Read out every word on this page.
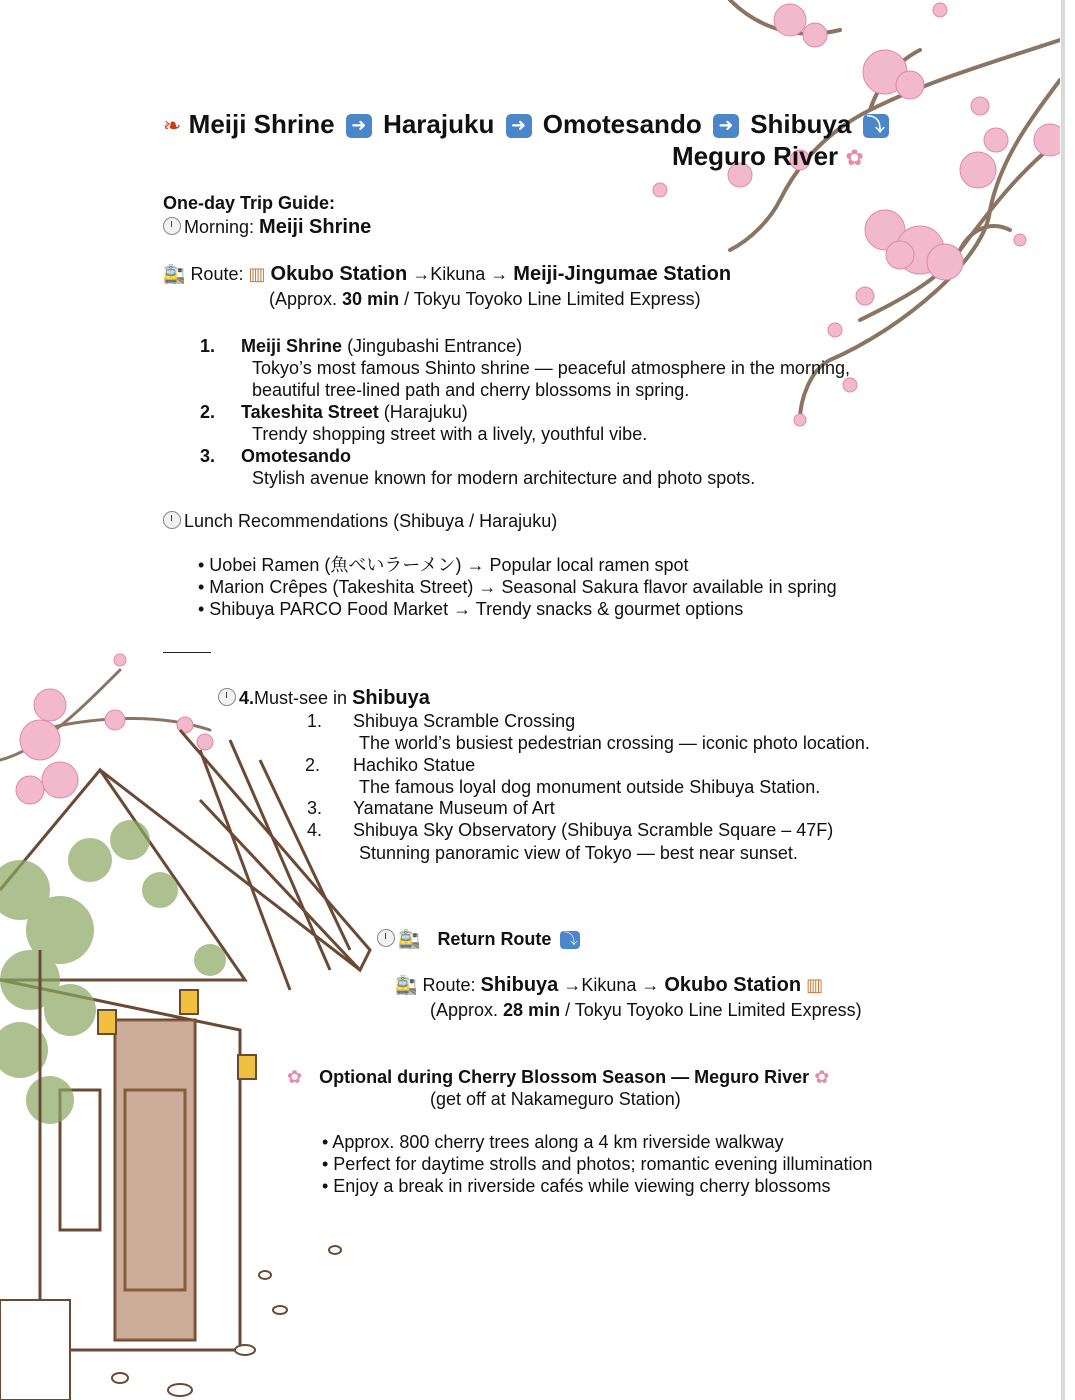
❧ Meiji Shrine ➜ Harajuku ➜ Omotesando ➜ Shibuya ⤵
Meguro River ✿
One-day Trip Guide:
Morning: Meiji Shrine
🚉 Route: ▥ Okubo Station →Kikuna → Meiji-Jingumae Station
(Approx. 30 min / Tokyu Toyoko Line Limited Express)
1. Meiji Shrine (Jingubashi Entrance)
Tokyo’s most famous Shinto shrine — peaceful atmosphere in the morning,
beautiful tree-lined path and cherry blossoms in spring.
2. Takeshita Street (Harajuku)
Trendy shopping street with a lively, youthful vibe.
3. Omotesando
Stylish avenue known for modern architecture and photo spots.
Lunch Recommendations (Shibuya / Harajuku)
• Uobei Ramen (魚べいラーメン) → Popular local ramen spot
• Marion Crêpes (Takeshita Street) → Seasonal Sakura flavor available in spring
• Shibuya PARCO Food Market → Trendy snacks & gourmet options
4.Must-see in Shibuya
1. Shibuya Scramble Crossing
The world’s busiest pedestrian crossing — iconic photo location.
2. Hachiko Statue
The famous loyal dog monument outside Shibuya Station.
3. Yamatane Museum of Art
4. Shibuya Sky Observatory (Shibuya Scramble Square – 47F)
Stunning panoramic view of Tokyo — best near sunset.
🚉 Return Route ⤵
🚉 Route: Shibuya →Kikuna → Okubo Station ▥
(Approx. 28 min / Tokyu Toyoko Line Limited Express)
✿ Optional during Cherry Blossom Season — Meguro River ✿
(get off at Nakameguro Station)
• Approx. 800 cherry trees along a 4 km riverside walkway
• Perfect for daytime strolls and photos; romantic evening illumination
• Enjoy a break in riverside cafés while viewing cherry blossoms
